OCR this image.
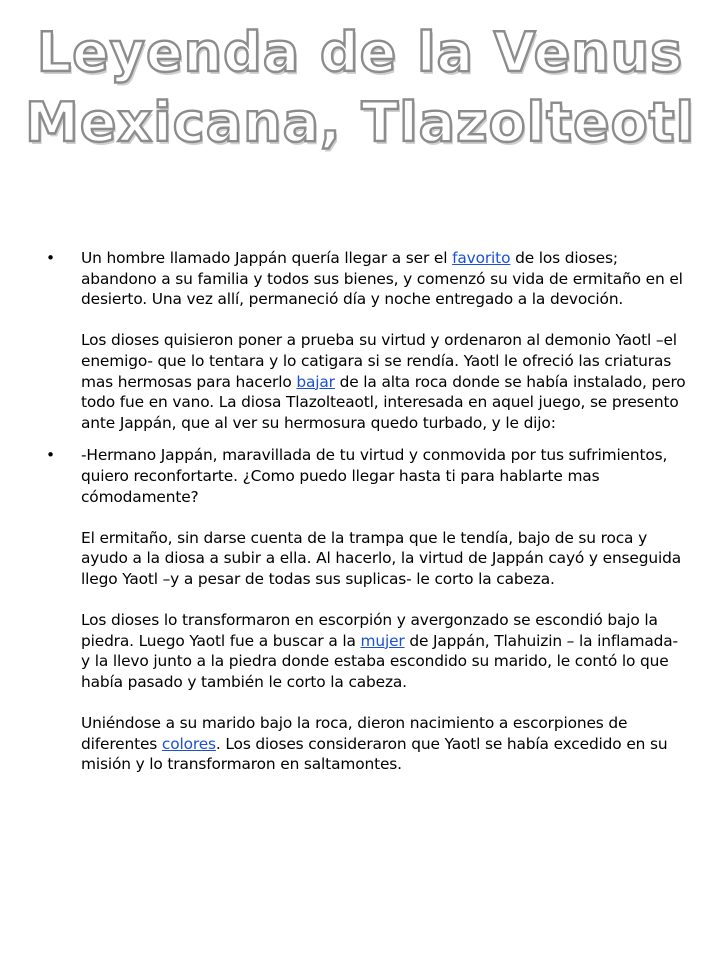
Leyenda de la Venus
Mexicana, Tlazolteotl
• Un hombre llamado Jappán quería llegar a ser el favorito de los dioses; abandono a su familia y todos sus bienes, y comenzó su vida de ermitaño en el desierto. Una vez allí, permaneció día y noche entregado a la devoción.

Los dioses quisieron poner a prueba su virtud y ordenaron al demonio Yaotl –el enemigo- que lo tentara y lo catigara si se rendía. Yaotl le ofreció las criaturas mas hermosas para hacerlo bajar de la alta roca donde se había instalado, pero todo fue en vano. La diosa Tlazolteaotl, interesada en aquel juego, se presento ante Jappán, que al ver su hermosura quedo turbado, y le dijo:

• -Hermano Jappán, maravillada de tu virtud y conmovida por tus sufrimientos, quiero reconfortarte. ¿Como puedo llegar hasta ti para hablarte mas cómodamente?

El ermitaño, sin darse cuenta de la trampa que le tendía, bajo de su roca y ayudo a la diosa a subir a ella. Al hacerlo, la virtud de Jappán cayó y enseguida llego Yaotl –y a pesar de todas sus suplicas- le corto la cabeza.

Los dioses lo transformaron en escorpión y avergonzado se escondió bajo la piedra. Luego Yaotl fue a buscar a la mujer de Jappán, Tlahuizin – la inflamada- y la llevo junto a la piedra donde estaba escondido su marido, le contó lo que había pasado y también le corto la cabeza.

Uniéndose a su marido bajo la roca, dieron nacimiento a escorpiones de diferentes colores. Los dioses consideraron que Yaotl se había excedido en su misión y lo transformaron en saltamontes.
